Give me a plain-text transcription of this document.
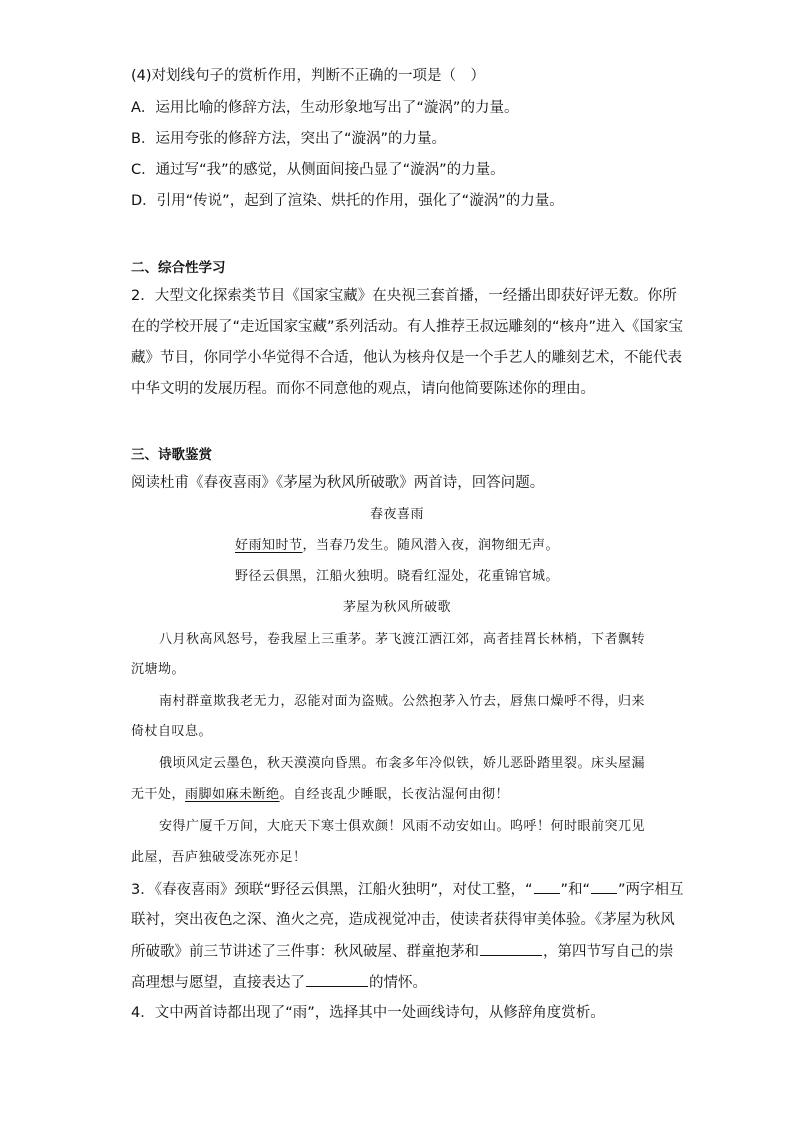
(4)对划线句子的赏析作用，判断不正确的一项是（　）
A．运用比喻的修辞方法，生动形象地写出了“漩涡”的力量。
B．运用夸张的修辞方法，突出了“漩涡”的力量。
C．通过写“我”的感觉，从侧面间接凸显了“漩涡”的力量。
D．引用“传说”，起到了渲染、烘托的作用，强化了“漩涡”的力量。
二、综合性学习
2．大型文化探索类节目《国家宝藏》在央视三套首播，一经播出即获好评无数。你所
在的学校开展了“走近国家宝藏”系列活动。有人推荐王叔远雕刻的“核舟”进入《国家宝
藏》节目，你同学小华觉得不合适，他认为核舟仅是一个手艺人的雕刻艺术，不能代表
中华文明的发展历程。而你不同意他的观点，请向他简要陈述你的理由。
三、诗歌鉴赏
阅读杜甫《春夜喜雨》《茅屋为秋风所破歌》两首诗，回答问题。
春夜喜雨
好雨知时节，当春乃发生。随风潜入夜，润物细无声。
野径云俱黑，江船火独明。晓看红湿处，花重锦官城。
茅屋为秋风所破歌
八月秋高风怒号，卷我屋上三重茅。茅飞渡江洒江郊，高者挂罥长林梢，下者飘转
沉塘坳。
南村群童欺我老无力，忍能对面为盗贼。公然抱茅入竹去，唇焦口燥呼不得，归来
倚杖自叹息。
俄顷风定云墨色，秋天漠漠向昏黑。布衾多年冷似铁，娇儿恶卧踏里裂。床头屋漏
无干处，雨脚如麻未断绝。自经丧乱少睡眠，长夜沾湿何由彻！
安得广厦千万间，大庇天下寒士俱欢颜！风雨不动安如山。呜呼！何时眼前突兀见
此屋，吾庐独破受冻死亦足！
3．《春夜喜雨》颈联“野径云俱黑，江船火独明”，对仗工整，“ ”和“ ”两字相互
联衬，突出夜色之深、渔火之亮，造成视觉冲击，使读者获得审美体验。《茅屋为秋风
所破歌》前三节讲述了三件事：秋风破屋、群童抱茅和	，第四节写自己的崇
高理想与愿望，直接表达了	的情怀。
4．文中两首诗都出现了“雨”，选择其中一处画线诗句，从修辞角度赏析。
